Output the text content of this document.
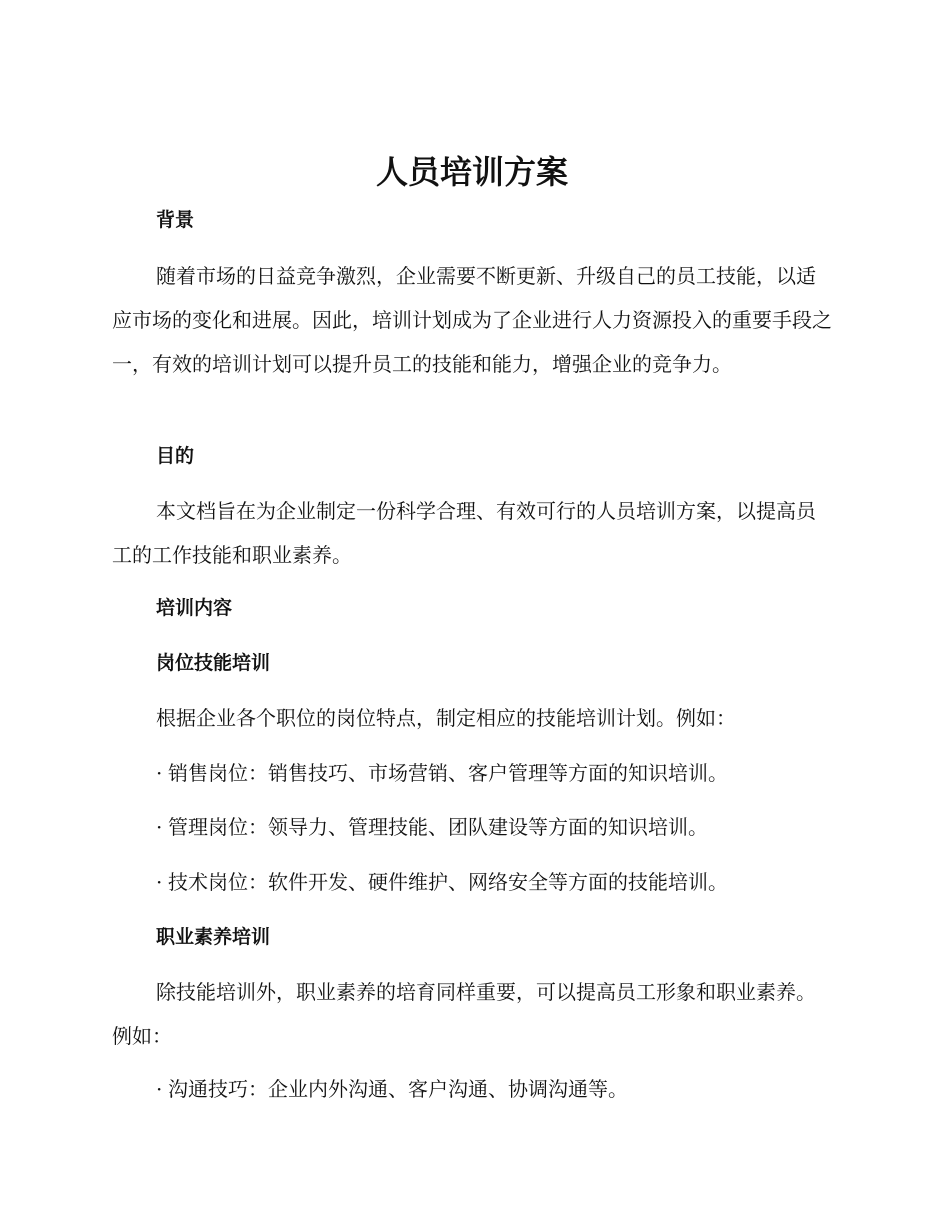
人员培训方案
背景

随着市场的日益竞争激烈，企业需要不断更新、升级自己的员工技能，以适应市场的变化和进展。因此，培训计划成为了企业进行人力资源投入的重要手段之一，有效的培训计划可以提升员工的技能和能力，增强企业的竞争力。

目的

本文档旨在为企业制定一份科学合理、有效可行的人员培训方案，以提高员工的工作技能和职业素养。

培训内容
岗位技能培训

根据企业各个职位的岗位特点，制定相应的技能培训计划。例如：

· 销售岗位：销售技巧、市场营销、客户管理等方面的知识培训。

· 管理岗位：领导力、管理技能、团队建设等方面的知识培训。

· 技术岗位：软件开发、硬件维护、网络安全等方面的技能培训。

职业素养培训

除技能培训外，职业素养的培育同样重要，可以提高员工形象和职业素养。例如：

· 沟通技巧：企业内外沟通、客户沟通、协调沟通等。
